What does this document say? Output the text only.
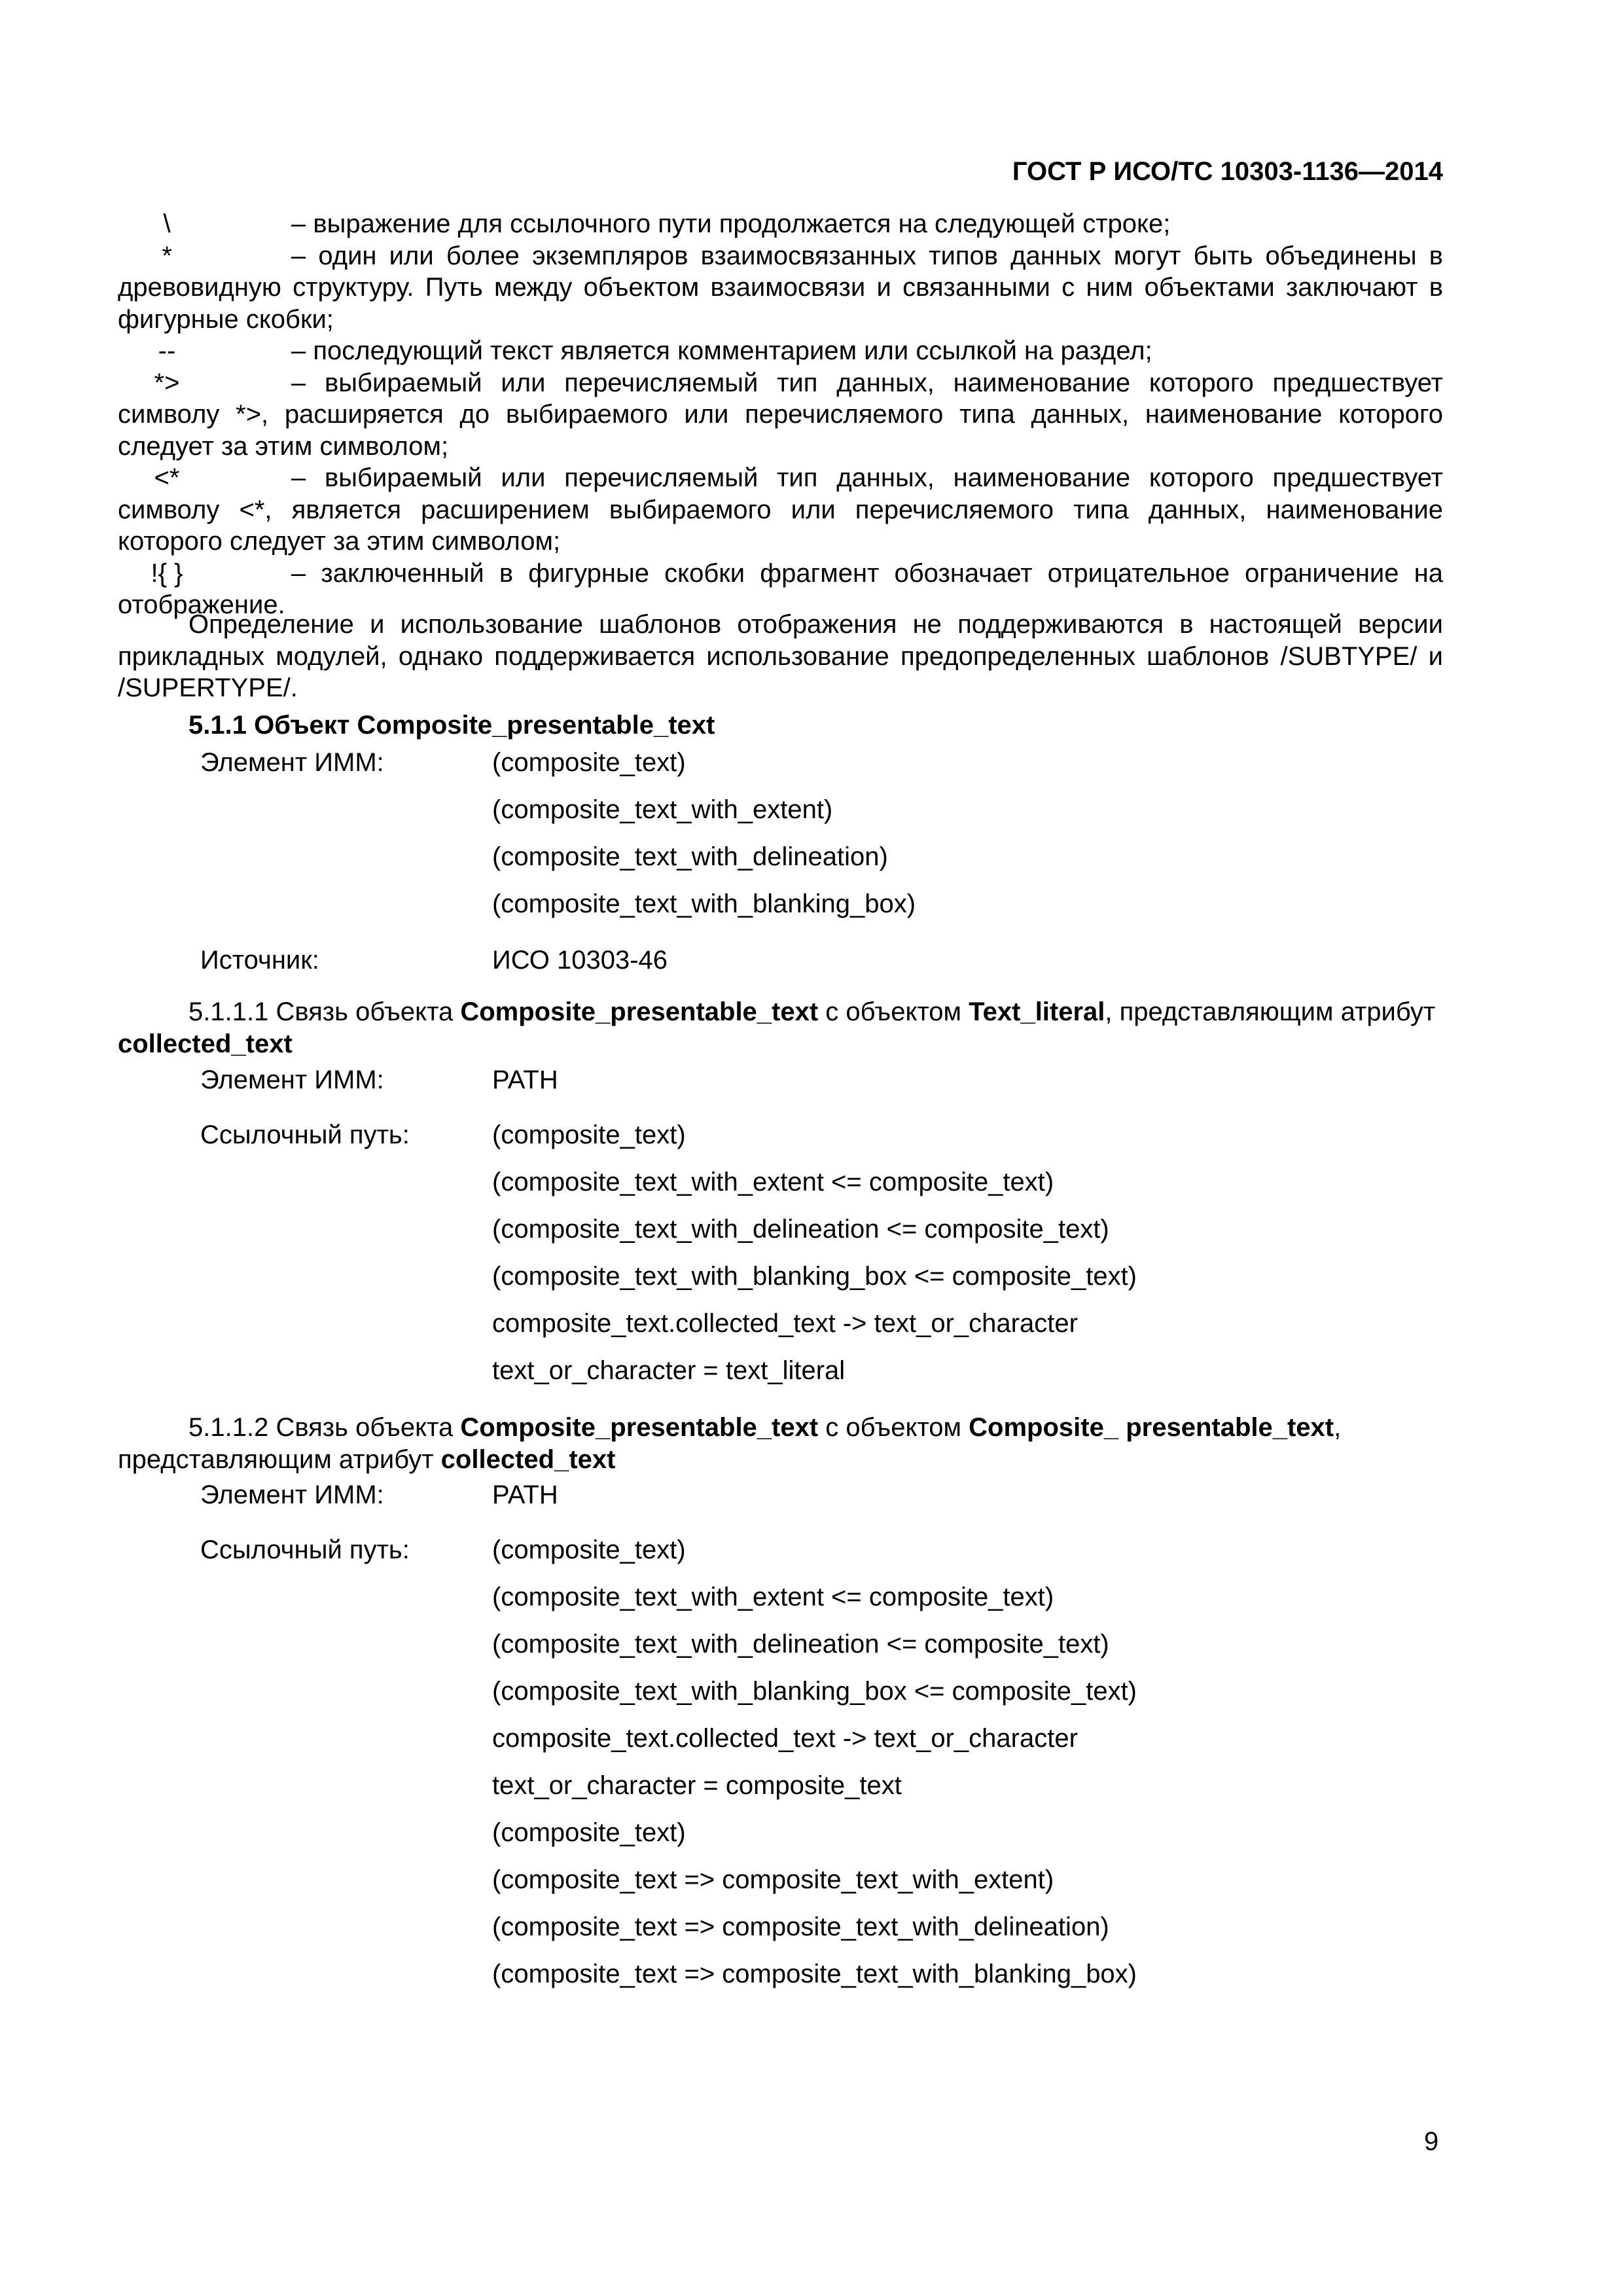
ГОСТ Р ИСО/ТС 10303-1136—2014
\	– выражение для ссылочного пути продолжается на следующей строке;
*	– один или более экземпляров взаимосвязанных типов данных могут быть объединены в древовидную структуру. Путь между объектом взаимосвязи и связанными с ним объектами заключают в фигурные скобки;
--	– последующий текст является комментарием или ссылкой на раздел;
*>	– выбираемый или перечисляемый тип данных, наименование которого предшествует символу *>, расширяется до выбираемого или перечисляемого типа данных, наименование которого следует за этим символом;
<*	– выбираемый или перечисляемый тип данных, наименование которого предшествует символу <*, является расширением выбираемого или перечисляемого типа данных, наименование которого следует за этим символом;
!{ }	– заключенный в фигурные скобки фрагмент обозначает отрицательное ограничение на отображение.
Определение и использование шаблонов отображения не поддерживаются в настоящей версии прикладных модулей, однако поддерживается использование предопределенных шаблонов /SUBTYPE/ и /SUPERTYPE/.
5.1.1 Объект Composite_presentable_text
Элемент ИММ:	(composite_text)
(composite_text_with_extent)
(composite_text_with_delineation)
(composite_text_with_blanking_box)
Источник:	ИСО 10303-46
5.1.1.1 Связь объекта Composite_presentable_text с объектом Text_literal, представляющим атрибут collected_text
Элемент ИММ:	PATH
Ссылочный путь:	(composite_text)
(composite_text_with_extent <= composite_text)
(composite_text_with_delineation <= composite_text)
(composite_text_with_blanking_box <= composite_text)
composite_text.collected_text -> text_or_character
text_or_character = text_literal
5.1.1.2 Связь объекта Composite_presentable_text с объектом Composite_ presentable_text, представляющим атрибут collected_text
Элемент ИММ:	PATH
Ссылочный путь:	(composite_text)
(composite_text_with_extent <= composite_text)
(composite_text_with_delineation <= composite_text)
(composite_text_with_blanking_box <= composite_text)
composite_text.collected_text -> text_or_character
text_or_character = composite_text
(composite_text)
(composite_text => composite_text_with_extent)
(composite_text => composite_text_with_delineation)
(composite_text => composite_text_with_blanking_box)
9
